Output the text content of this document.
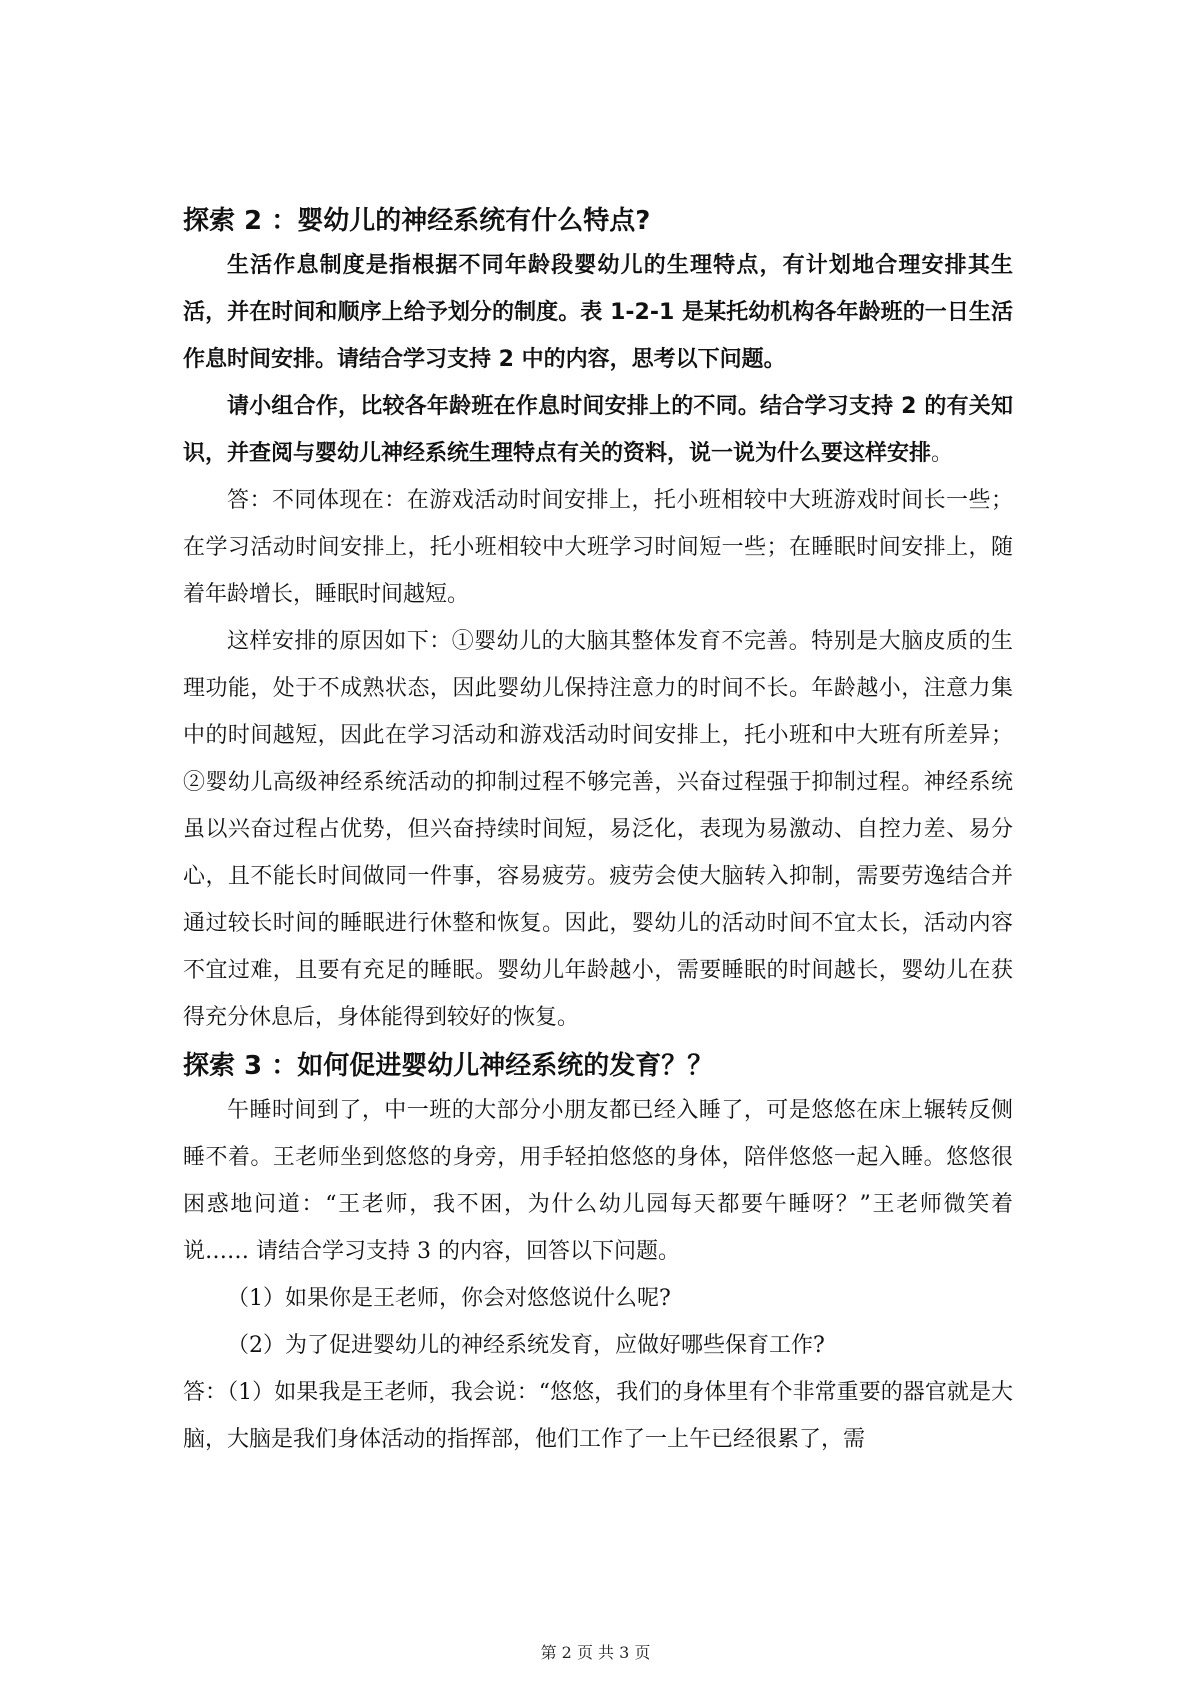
探索 2 ：婴幼儿的神经系统有什么特点?

生活作息制度是指根据不同年龄段婴幼儿的生理特点，有计划地合理安排其生活，并在时间和顺序上给予划分的制度。表 1-2-1 是某托幼机构各年龄班的一日生活作息时间安排。请结合学习支持 2 中的内容，思考以下问题。

请小组合作，比较各年龄班在作息时间安排上的不同。结合学习支持 2 的有关知识，并查阅与婴幼儿神经系统生理特点有关的资料，说一说为什么要这样安排。

答：不同体现在：在游戏活动时间安排上，托小班相较中大班游戏时间长一些；在学习活动时间安排上，托小班相较中大班学习时间短一些；在睡眠时间安排上，随着年龄增长，睡眠时间越短。

这样安排的原因如下：①婴幼儿的大脑其整体发育不完善。特别是大脑皮质的生理功能，处于不成熟状态，因此婴幼儿保持注意力的时间不长。年龄越小，注意力集中的时间越短，因此在学习活动和游戏活动时间安排上，托小班和中大班有所差异；②婴幼儿高级神经系统活动的抑制过程不够完善，兴奋过程强于抑制过程。神经系统虽以兴奋过程占优势，但兴奋持续时间短，易泛化，表现为易激动、自控力差、易分心，且不能长时间做同一件事，容易疲劳。疲劳会使大脑转入抑制，需要劳逸结合并通过较长时间的睡眠进行休整和恢复。因此，婴幼儿的活动时间不宜太长，活动内容不宜过难，且要有充足的睡眠。婴幼儿年龄越小，需要睡眠的时间越长，婴幼儿在获得充分休息后，身体能得到较好的恢复。

探索 3 ：如何促进婴幼儿神经系统的发育？？

午睡时间到了，中一班的大部分小朋友都已经入睡了，可是悠悠在床上辗转反侧睡不着。王老师坐到悠悠的身旁，用手轻拍悠悠的身体，陪伴悠悠一起入睡。悠悠很困惑地问道：“王老师，我不困，为什么幼儿园每天都要午睡呀？”王老师微笑着说…… 请结合学习支持 3 的内容，回答以下问题。

（1）如果你是王老师，你会对悠悠说什么呢?

（2）为了促进婴幼儿的神经系统发育，应做好哪些保育工作?

答：（1）如果我是王老师，我会说：“悠悠，我们的身体里有个非常重要的器官就是大脑，大脑是我们身体活动的指挥部，他们工作了一上午已经很累了，需

第 2 页 共 3 页
